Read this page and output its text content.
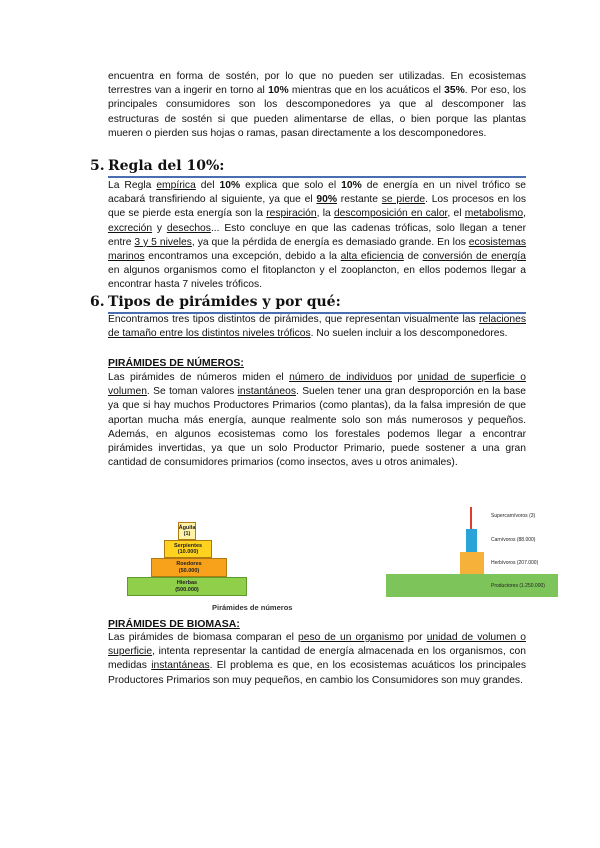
encuentra en forma de sostén, por lo que no pueden ser utilizadas. En ecosistemas terrestres van a ingerir en torno al 10% mientras que en los acuáticos el 35%. Por eso, los principales consumidores son los descomponedores ya que al descomponer las estructuras de sostén si que pueden alimentarse de ellas, o bien porque las plantas mueren o pierden sus hojas o ramas, pasan directamente a los descomponedores.

5. Regla del 10%:

La Regla empírica del 10% explica que solo el 10% de energía en un nivel trófico se acabará transfiriendo al siguiente, ya que el 90% restante se pierde. Los procesos en los que se pierde esta energía son la respiración, la descomposición en calor, el metabolismo, excreción y desechos... Esto concluye en que las cadenas tróficas, solo llegan a tener entre 3 y 5 niveles, ya que la pérdida de energía es demasiado grande. En los ecosistemas marinos encontramos una excepción, debido a la alta eficiencia de conversión de energía en algunos organismos como el fitoplancton y el zooplancton, en ellos podemos llegar a encontrar hasta 7 niveles tróficos.

6. Tipos de pirámides y por qué:

Encontramos tres tipos distintos de pirámides, que representan visualmente las relaciones de tamaño entre los distintos niveles tróficos. No suelen incluir a los descomponedores.

PIRÁMIDES DE NÚMEROS:

Las pirámides de números miden el número de individuos por unidad de superficie o volumen. Se toman valores instantáneos. Suelen tener una gran desproporción en la base ya que si hay muchos Productores Primarios (como plantas), da la falsa impresión de que aportan mucha más energía, aunque realmente solo son más numerosos y pequeños. Además, en algunos ecosistemas como los forestales podemos llegar a encontrar pirámides invertidas, ya que un solo Productor Primario, puede sostener a una gran cantidad de consumidores primarios (como insectos, aves u otros animales).

Águila (1)
Serpientes
(10.000)
Roedores
(50.000)
Hierbas
(500.000)
Pirámides de números
Supercarnívoros (3)
Carnívoros (88.000)
Herbívoros (207.000)
Productores (1.250.000)

PIRÁMIDES DE BIOMASA:

Las pirámides de biomasa comparan el peso de un organismo por unidad de volumen o superficie, intenta representar la cantidad de energía almacenada en los organismos, con medidas instantáneas. El problema es que, en los ecosistemas acuáticos los principales Productores Primarios son muy pequeños, en cambio los Consumidores son muy grandes.
